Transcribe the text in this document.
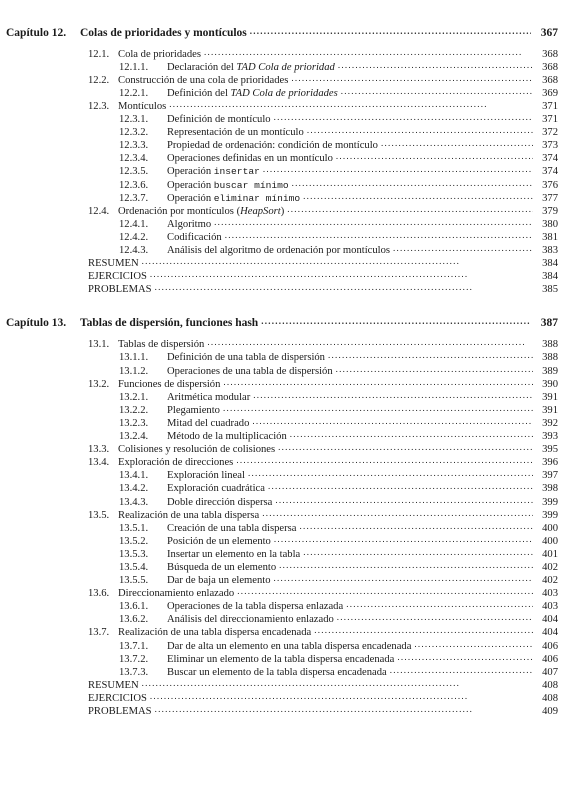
Capítulo 12.	Colas de prioridades y montículos . . .	367
12.1. Cola de prioridades . . .	368
12.1.1.	Declaración del TAD Cola de prioridad . . .	368
12.2. Construcción de una cola de prioridades . . .	368
12.2.1.	Definición del TAD Cola de prioridades . . .	369
12.3. Montículos . . .	371
12.3.1.	Definición de montículo . . .	371
12.3.2.	Representación de un montículo . . .	372
12.3.3.	Propiedad de ordenación: condición de montículo . . .	373
12.3.4.	Operaciones definidas en un montículo . . .	374
12.3.5.	Operación insertar . . .	374
12.3.6.	Operación buscar mínimo . . .	376
12.3.7.	Operación eliminar mínimo . . .	377
12.4. Ordenación por montículos (HeapSort) . . .	379
12.4.1.	Algoritmo . . .	380
12.4.2.	Codificación . . .	381
12.4.3.	Análisis del algoritmo de ordenación por montículos . . .	383
RESUMEN . . .	384
EJERCICIOS . . .	384
PROBLEMAS . . .	385
Capítulo 13.	Tablas de dispersión, funciones hash . . .	387
13.1. Tablas de dispersión . . .	388
13.1.1.	Definición de una tabla de dispersión . . .	388
13.1.2.	Operaciones de una tabla de dispersión . . .	389
13.2. Funciones de dispersión . . .	390
13.2.1.	Aritmética modular . . .	391
13.2.2.	Plegamiento . . .	391
13.2.3.	Mitad del cuadrado . . .	392
13.2.4.	Método de la multiplicación . . .	393
13.3. Colisiones y resolución de colisiones . . .	395
13.4. Exploración de direcciones . . .	396
13.4.1.	Exploración lineal . . .	397
13.4.2.	Exploración cuadrática . . .	398
13.4.3.	Doble dirección dispersa . . .	399
13.5. Realización de una tabla dispersa . . .	399
13.5.1.	Creación de una tabla dispersa . . .	400
13.5.2.	Posición de un elemento . . .	400
13.5.3.	Insertar un elemento en la tabla . . .	401
13.5.4.	Búsqueda de un elemento . . .	402
13.5.5.	Dar de baja un elemento . . .	402
13.6. Direccionamiento enlazado . . .	403
13.6.1.	Operaciones de la tabla dispersa enlazada . . .	403
13.6.2.	Análisis del direccionamiento enlazado . . .	404
13.7. Realización de una tabla dispersa encadenada . . .	404
13.7.1.	Dar de alta un elemento en una tabla dispersa encadenada . . .	406
13.7.2.	Eliminar un elemento de la tabla dispersa encadenada . . .	406
13.7.3.	Buscar un elemento de la tabla dispersa encadenada . . .	407
RESUMEN . . .	408
EJERCICIOS . . .	408
PROBLEMAS . . .	409
